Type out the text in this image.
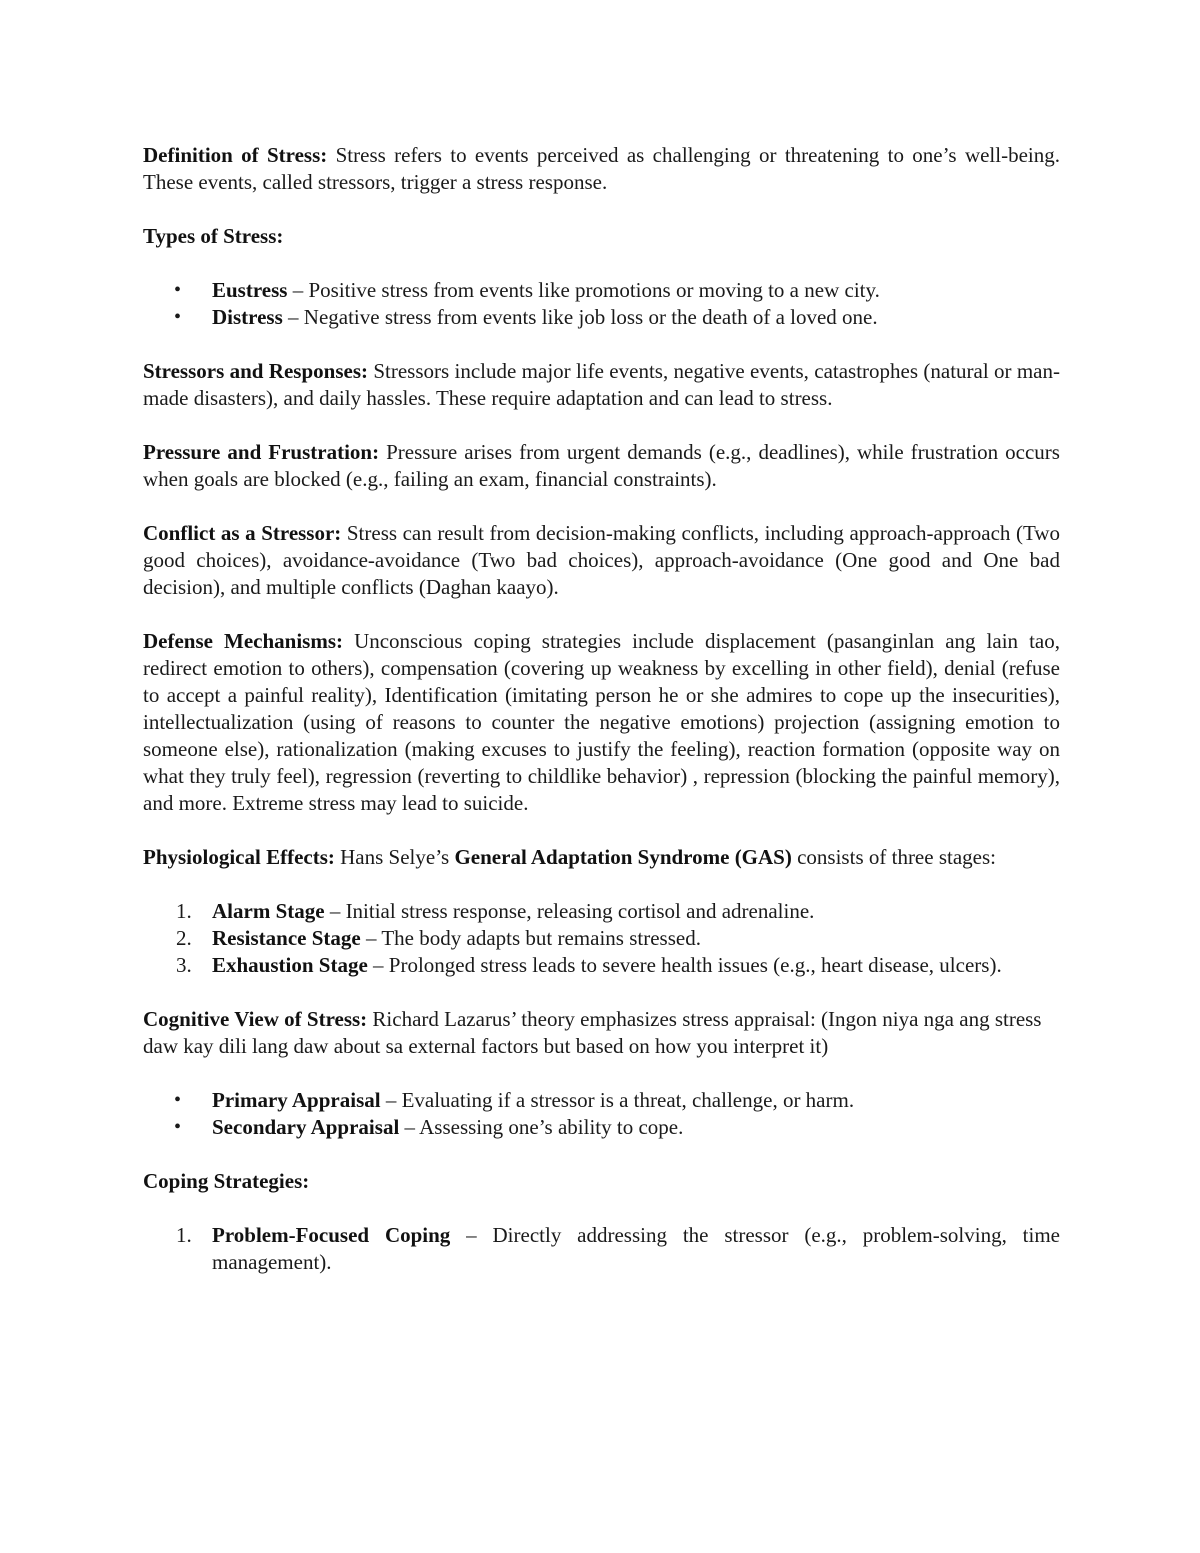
Definition of Stress: Stress refers to events perceived as challenging or threatening to one’s well-being. These events, called stressors, trigger a stress response.

Types of Stress:

•	Eustress – Positive stress from events like promotions or moving to a new city.
•	Distress – Negative stress from events like job loss or the death of a loved one.

Stressors and Responses: Stressors include major life events, negative events, catastrophes (natural or man-made disasters), and daily hassles. These require adaptation and can lead to stress.

Pressure and Frustration: Pressure arises from urgent demands (e.g., deadlines), while frustration occurs when goals are blocked (e.g., failing an exam, financial constraints).

Conflict as a Stressor: Stress can result from decision-making conflicts, including approach-approach (Two good choices), avoidance-avoidance (Two bad choices), approach-avoidance (One good and One bad decision), and multiple conflicts (Daghan kaayo).

Defense Mechanisms: Unconscious coping strategies include displacement (pasanginlan ang lain tao, redirect emotion to others), compensation (covering up weakness by excelling in other field), denial (refuse to accept a painful reality), Identification (imitating person he or she admires to cope up the insecurities), intellectualization (using of reasons to counter the negative emotions) projection (assigning emotion to someone else), rationalization (making excuses to justify the feeling), reaction formation (opposite way on what they truly feel), regression (reverting to childlike behavior) , repression (blocking the painful memory), and more. Extreme stress may lead to suicide.

Physiological Effects: Hans Selye’s General Adaptation Syndrome (GAS) consists of three stages:

1. Alarm Stage – Initial stress response, releasing cortisol and adrenaline.
2. Resistance Stage – The body adapts but remains stressed.
3. Exhaustion Stage – Prolonged stress leads to severe health issues (e.g., heart disease, ulcers).

Cognitive View of Stress: Richard Lazarus’ theory emphasizes stress appraisal: (Ingon niya nga ang stress daw kay dili lang daw about sa external factors but based on how you interpret it)

•	Primary Appraisal – Evaluating if a stressor is a threat, challenge, or harm.
•	Secondary Appraisal – Assessing one’s ability to cope.

Coping Strategies:

1. Problem-Focused Coping – Directly addressing the stressor (e.g., problem-solving, time management).
